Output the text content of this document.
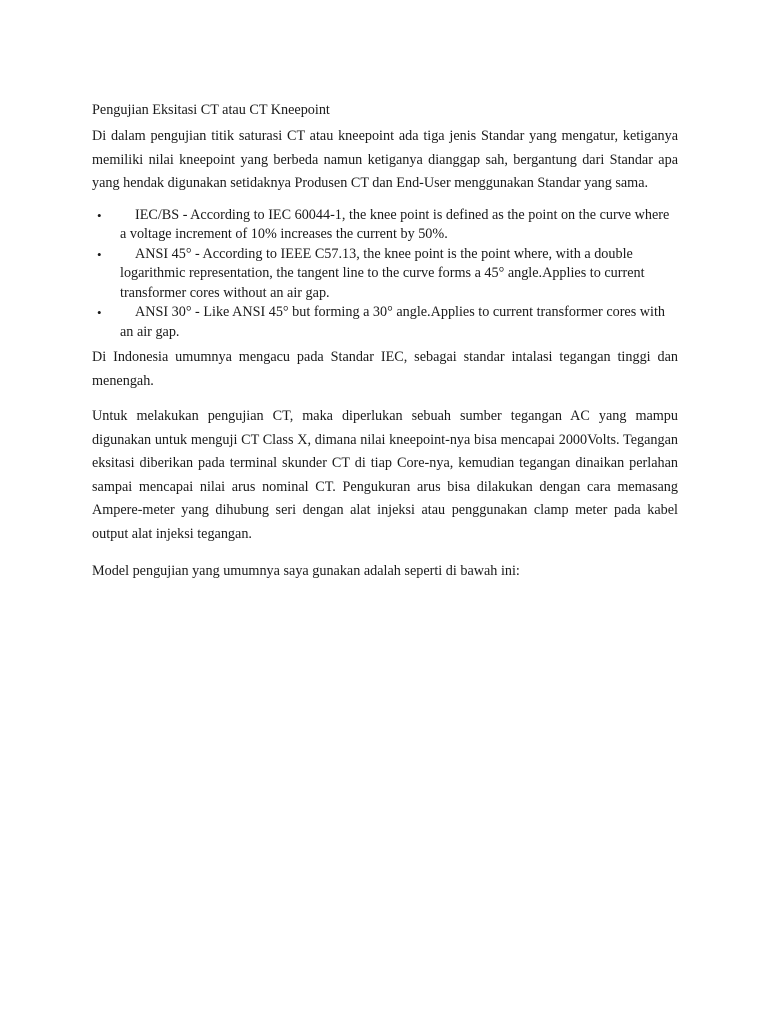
Pengujian Eksitasi CT atau CT Kneepoint

Di dalam pengujian titik saturasi CT atau kneepoint ada tiga jenis Standar yang mengatur, ketiganya memiliki nilai kneepoint yang berbeda namun ketiganya dianggap sah, bergantung dari Standar apa yang hendak digunakan setidaknya Produsen CT dan End-User menggunakan Standar yang sama.

• IEC/BS - According to IEC 60044-1, the knee point is defined as the point on the curve where a voltage increment of 10% increases the current by 50%.
• ANSI 45° - According to IEEE C57.13, the knee point is the point where, with a double logarithmic representation, the tangent line to the curve forms a 45° angle.Applies to current transformer cores without an air gap.
• ANSI 30° - Like ANSI 45° but forming a 30° angle.Applies to current transformer cores with an air gap.

Di Indonesia umumnya mengacu pada Standar IEC, sebagai standar intalasi tegangan tinggi dan menengah.

Untuk melakukan pengujian CT, maka diperlukan sebuah sumber tegangan AC yang mampu digunakan untuk menguji CT Class X, dimana nilai kneepoint-nya bisa mencapai 2000Volts. Tegangan eksitasi diberikan pada terminal skunder CT di tiap Core-nya, kemudian tegangan dinaikan perlahan sampai mencapai nilai arus nominal CT. Pengukuran arus bisa dilakukan dengan cara memasang Ampere-meter yang dihubung seri dengan alat injeksi atau penggunakan clamp meter pada kabel output alat injeksi tegangan.

Model pengujian yang umumnya saya gunakan adalah seperti di bawah ini:
